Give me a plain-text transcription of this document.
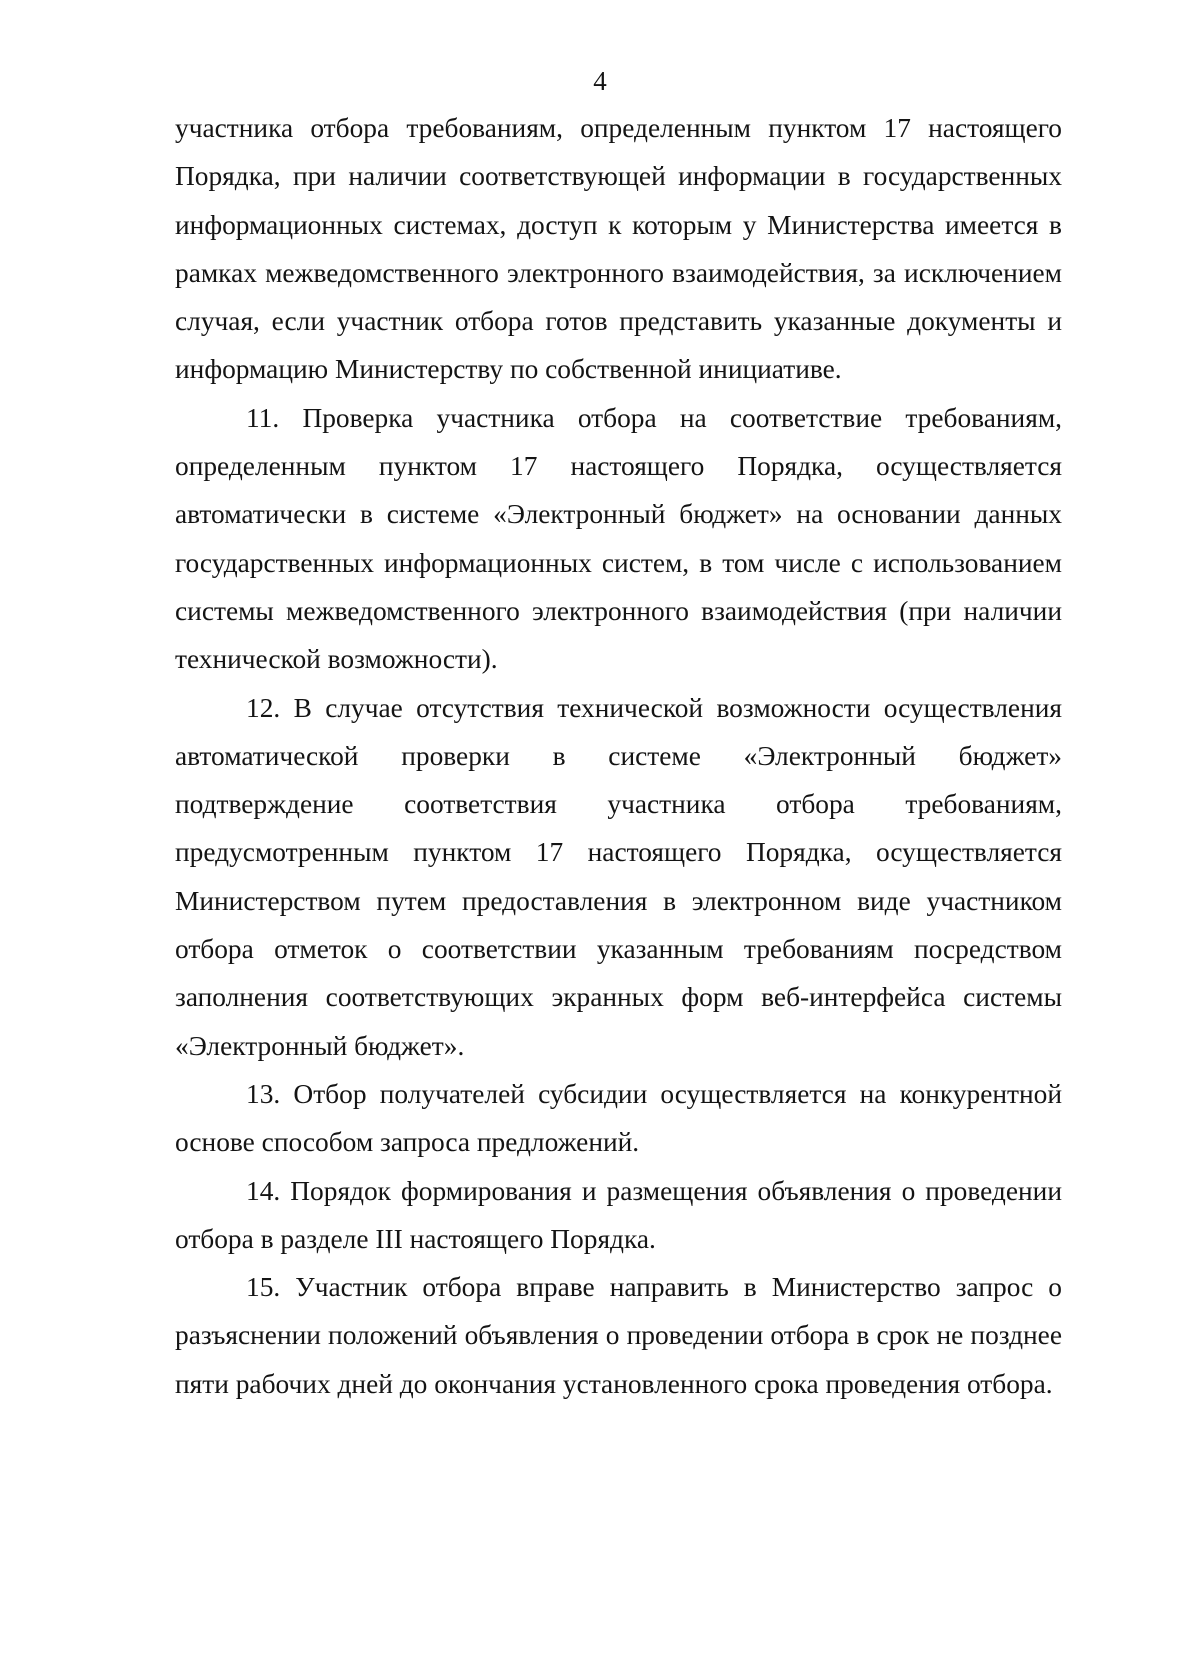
4

участника отбора требованиям, определенным пунктом 17 настоящего Порядка, при наличии соответствующей информации в государственных информационных системах, доступ к которым у Министерства имеется в рамках межведомственного электронного взаимодействия, за исключением случая, если участник отбора готов представить указанные документы и информацию Министерству по собственной инициативе.

11. Проверка участника отбора на соответствие требованиям, определенным пунктом 17 настоящего Порядка, осуществляется автоматически в системе «Электронный бюджет» на основании данных государственных информационных систем, в том числе с использованием системы межведомственного электронного взаимодействия (при наличии технической возможности).

12. В случае отсутствия технической возможности осуществления автоматической проверки в системе «Электронный бюджет» подтверждение соответствия участника отбора требованиям, предусмотренным пунктом 17 настоящего Порядка, осуществляется Министерством путем предоставления в электронном виде участником отбора отметок о соответствии указанным требованиям посредством заполнения соответствующих экранных форм веб-интерфейса системы «Электронный бюджет».

13. Отбор получателей субсидии осуществляется на конкурентной основе способом запроса предложений.

14. Порядок формирования и размещения объявления о проведении отбора в разделе III настоящего Порядка.

15. Участник отбора вправе направить в Министерство запрос о разъяснении положений объявления о проведении отбора в срок не позднее пяти рабочих дней до окончания установленного срока проведения отбора.
